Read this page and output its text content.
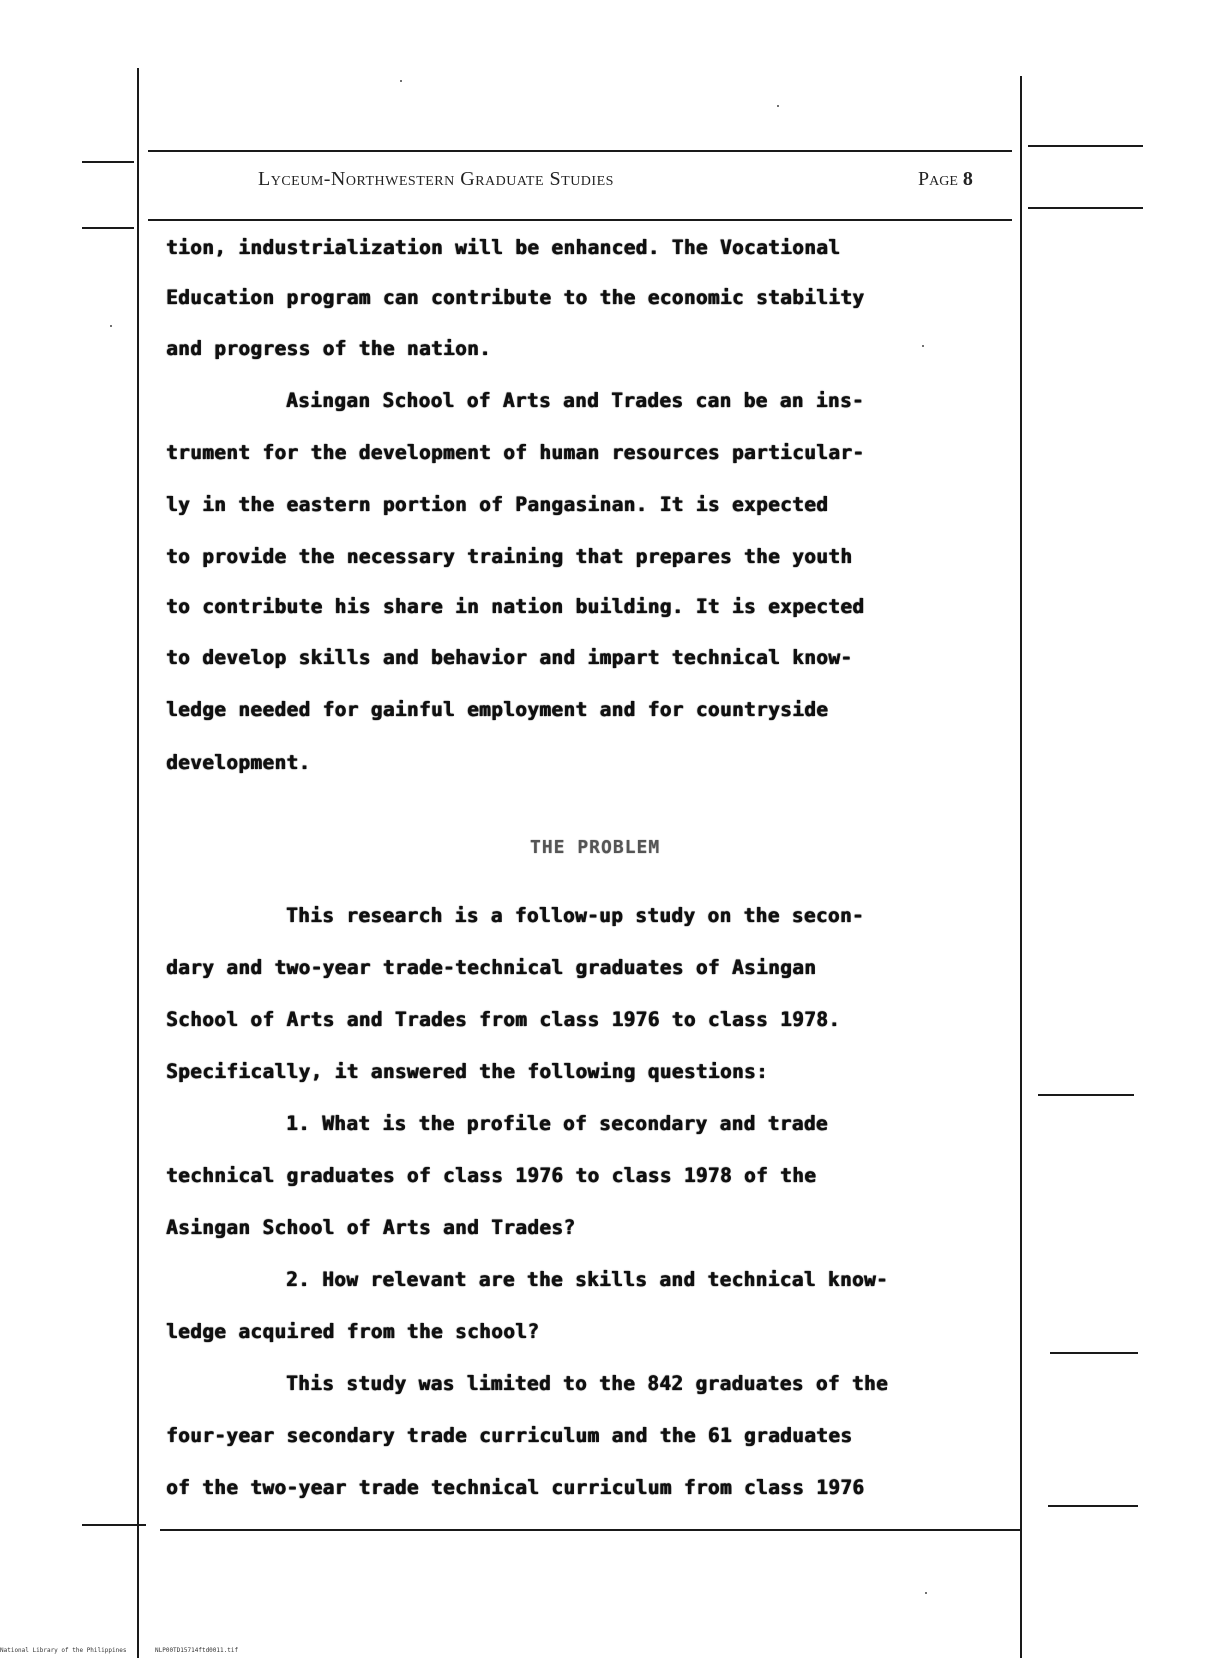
Lyceum-Northwestern Graduate Studies	Page 8
tion, industrialization will be enhanced. The Vocational
Education program can contribute to the economic stability
and progress of the nation.
Asingan School of Arts and Trades can be an ins-
trument for the development of human resources particular-
ly in the eastern portion of Pangasinan. It is expected
to provide the necessary training that prepares the youth
to contribute his share in nation building. It is expected
to develop skills and behavior and impart technical know-
ledge needed for gainful employment and for countryside
development.
This research is a follow-up study on the secon-
dary and two-year trade-technical graduates of Asingan
School of Arts and Trades from class 1976 to class 1978.
Specifically, it answered the following questions:
1. What is the profile of secondary and trade
technical graduates of class 1976 to class 1978 of the
Asingan School of Arts and Trades?
2. How relevant are the skills and technical know-
ledge acquired from the school?
This study was limited to the 842 graduates of the
four-year secondary trade curriculum and the 61 graduates
of the two-year trade technical curriculum from class 1976
THE PROBLEM
National Library of the Philippines	NLP00TD15714ftd0011.tif
